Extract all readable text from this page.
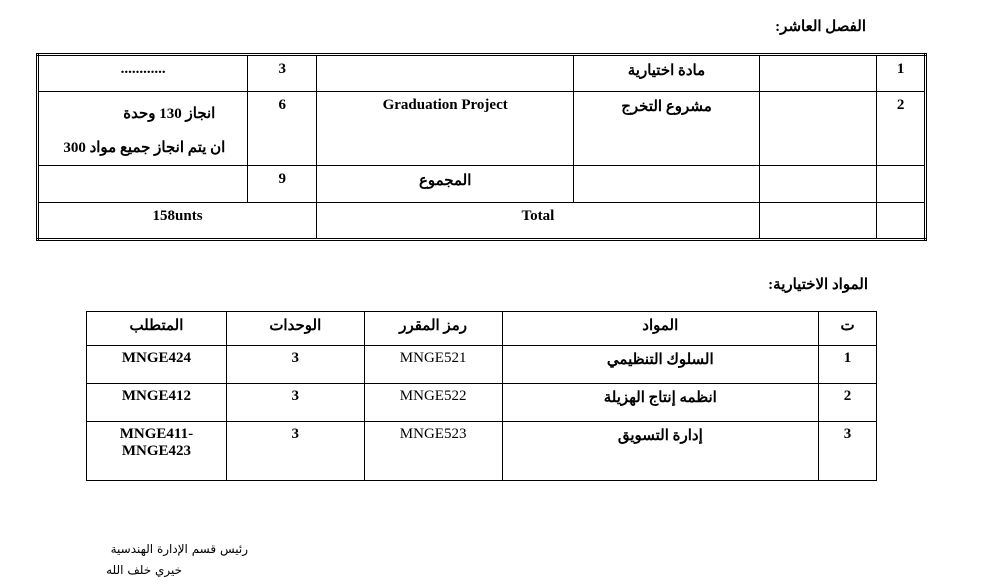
الفصل العاشر:
............	3		مادة اختيارية		1

انجاز 130 وحدة
ان يتم انجاز جميع مواد 300	6	Graduation Project	مشروع التخرج		2
	9	المجموع			
158unts		Total			
المواد الاختيارية:
المتطلب	الوحدات	رمز المقرر	المواد	ت
MNGE424	3	MNGE521	السلوك التنظيمي	1
MNGE412	3	MNGE522	انظمه إنتاج الهزيلة	2

MNGE411-
MNGE423	3	MNGE523	إدارة التسويق	3
رئيس قسم الإدارة الهندسية
خيري خلف الله
